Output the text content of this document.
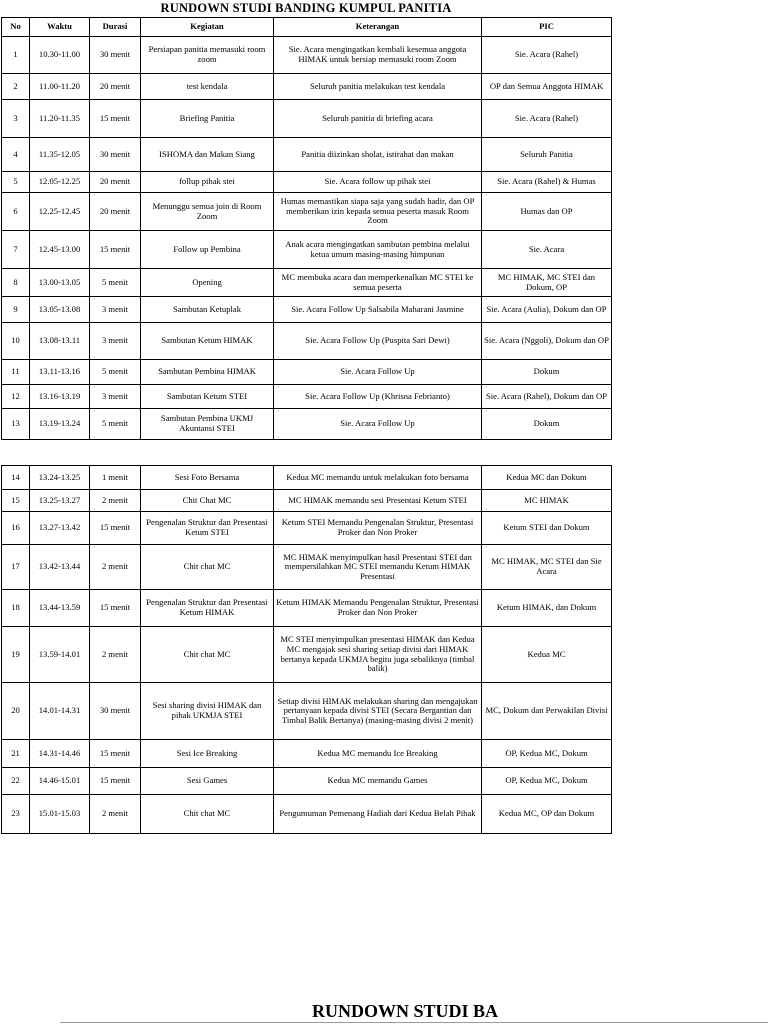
RUNDOWN STUDI BANDING KUMPUL PANITIA
No	Waktu	Durasi	Kegiatan	Keterangan	PIC
1	10.30-11.00	30 menit	Persiapan panitia memasuki room zoom	Sie. Acara mengingatkan kembali kesemua anggota HIMAK untuk bersiap memasuki room Zoom	Sie. Acara (Rahel)
2	11.00-11.20	20 menit	test kendala	Seluruh panitia melakukan test kendala	OP dan Semua Anggota HIMAK
3	11.20-11.35	15 menit	Briefing Panitia	Seluruh panitia di briefing acara	Sie. Acara (Rahel)
4	11.35-12.05	30 menit	ISHOMA dan Makan Siang	Panitia diizinkan sholat, istirahat dan makan	Seluruh Panitia
5	12.05-12.25	20 menit	follup pihak stei	Sie. Acara follow up pihak stei	Sie. Acara (Rahel) & Humas
6	12.25-12.45	20 menit	Menunggu semua join di Room Zoom	Humas memastikan siapa saja yang sudah hadir, dan OP memberikan izin kepada semua peserta masuk Room Zoom	Humas dan OP
7	12.45-13.00	15 menit	Follow up Pembina	Anak acara mengingatkan sambutan pembina melalui ketua umum masing-masing himpunan	Sie. Acara
8	13.00-13.05	5 menit	Opening	MC membuka acara dan memperkenalkan MC STEI ke semua peserta	MC HIMAK, MC STEI dan Dokum, OP
9	13.05-13.08	3 menit	Sambutan Ketuplak	Sie. Acara Follow Up Salsabila Maharani Jasmine	Sie. Acara (Aulia), Dokum dan OP
10	13.08-13.11	3 menit	Sambutan Ketum HIMAK	Sie. Acara Follow Up (Puspita Sari Dewi)	Sie. Acara (Nggoli), Dokum dan OP
11	13.11-13.16	5 menit	Sambutan Pembina HIMAK	Sie. Acara Follow Up	Dokum
12	13.16-13.19	3 menit	Sambutan Ketum STEI	Sie. Acara Follow Up (Khrisna Febrianto)	Sie. Acara (Rahel), Dokum dan OP
13	13.19-13.24	5 menit	Sambutan Pembina UKMJ Akuntansi STEI	Sie. Acara Follow Up	Dokum
14	13.24-13.25	1 menit	Sesi Foto Bersama	Kedua MC memandu untuk melakukan foto bersama	Kedua MC dan Dokum
15	13.25-13.27	2 menit	Chit Chat MC	MC HIMAK memandu sesi Presentasi Ketum STEI	MC HIMAK
16	13.27-13.42	15 menit	Pengenalan Struktur dan Presentasi Ketum STEI	Ketum STEI Memandu Pengenalan Struktur, Presentasi Proker dan Non Proker	Ketum STEI dan Dokum
17	13.42-13.44	2 menit	Chit chat MC	MC HIMAK menyimpulkan hasil Presentasi STEI dan mempersilahkan MC STEI memandu Ketum HIMAK Presentasi	MC HIMAK, MC STEI dan Sie Acara
18	13.44-13.59	15 menit	Pengenalan Struktur dan Presentasi Ketum HIMAK	Ketum HIMAK Memandu Pengenalan Struktur, Presentasi Proker dan Non Proker	Ketum HIMAK, dan Dokum
19	13.59-14.01	2 menit	Chit chat MC	MC STEI menyimpulkan presentasi HIMAK dan Kedua MC mengajak sesi sharing setiap divisi dari HIMAK bertanya kepada UKMJA begitu juga sebaliknya (timbal balik)	Kedua MC
20	14.01-14.31	30 menit	Sesi sharing divisi HIMAK dan pihak UKMJA STEI	Setiap divisi HIMAK melakukan sharing dan mengajukan pertanyaan kepada divisi STEI (Secara Bergantian dan Timbal Balik Bertanya) (masing-masing divisi 2 menit)	MC, Dokum dan Perwakilan Divisi
21	14.31-14.46	15 menit	Sesi Ice Breaking	Kedua MC memandu Ice Breaking	OP, Kedua MC, Dokum
22	14.46-15.01	15 menit	Sesi Games	Kedua MC memandu Games	OP, Kedua MC, Dokum
23	15.01-15.03	2 menit	Chit chat MC	Pengumuman Pemenang Hadiah dari Kedua Belah Pihak	Kedua MC, OP dan Dokum
RUNDOWN STUDI BA
